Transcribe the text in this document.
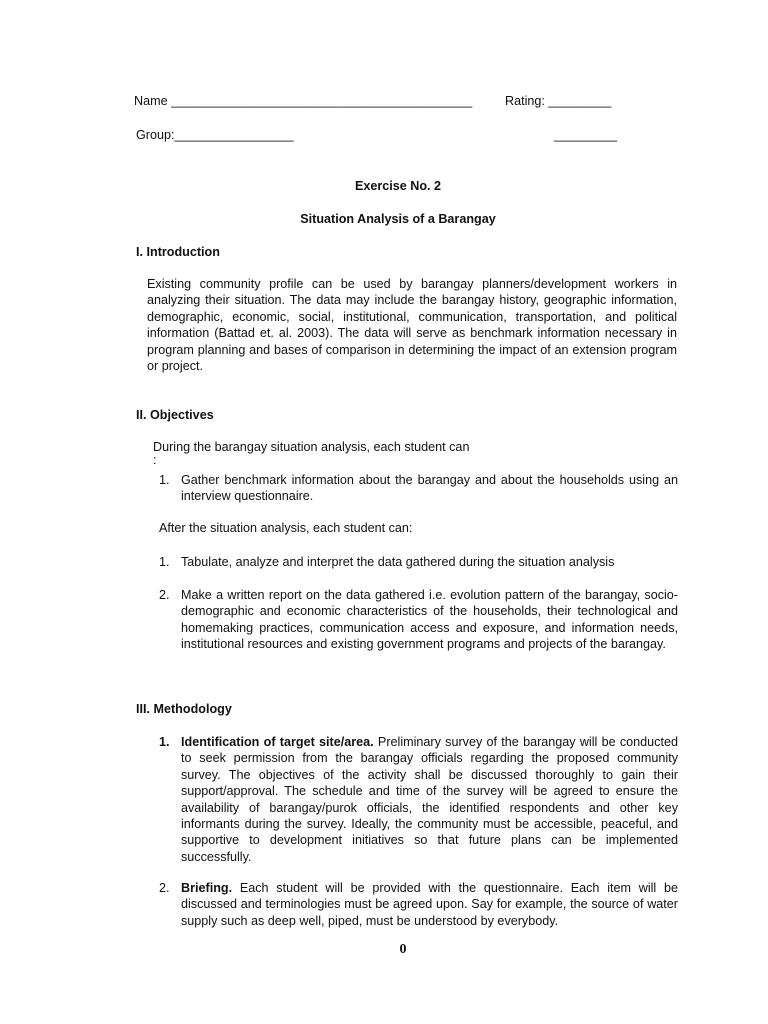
Name ___________________________________________	Rating: _________
Group:_________________	_________
Exercise No. 2
Situation Analysis of a Barangay
I. Introduction
Existing community profile can be used by barangay planners/development workers in analyzing their situation. The data may include the barangay history, geographic information, demographic, economic, social, institutional, communication, transportation, and political information (Battad et. al. 2003). The data will serve as benchmark information necessary in program planning and bases of comparison in determining the impact of an extension program or project.
II. Objectives
During the barangay situation analysis, each student can
:
1. Gather benchmark information about the barangay and about the households using an interview questionnaire.
After the situation analysis, each student can:
1. Tabulate, analyze and interpret the data gathered during the situation analysis
2. Make a written report on the data gathered i.e. evolution pattern of the barangay, socio-demographic and economic characteristics of the households, their technological and homemaking practices, communication access and exposure, and information needs, institutional resources and existing government programs and projects of the barangay.
III. Methodology
1. Identification of target site/area. Preliminary survey of the barangay will be conducted to seek permission from the barangay officials regarding the proposed community survey. The objectives of the activity shall be discussed thoroughly to gain their support/approval. The schedule and time of the survey will be agreed to ensure the availability of barangay/purok officials, the identified respondents and other key informants during the survey. Ideally, the community must be accessible, peaceful, and supportive to development initiatives so that future plans can be implemented successfully.
2. Briefing. Each student will be provided with the questionnaire. Each item will be discussed and terminologies must be agreed upon. Say for example, the source of water supply such as deep well, piped, must be understood by everybody.
0
